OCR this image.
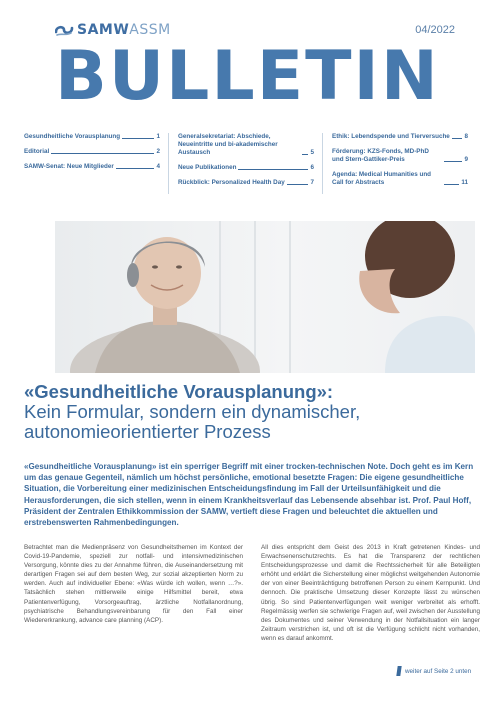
SAMWASSM	04/2022
BULLETIN
Gesundheitliche Vorausplanung	1
Editorial	2
SAMW-Senat: Neue Mitglieder	4
Generalsekretariat: Abschiede, Neueintritte und bi-akademischer Austausch	5
Neue Publikationen	6
Rückblick: Personalized Health Day	7
Ethik: Lebendspende und Tierversuche 8
Förderung: KZS-Fonds, MD-PhD und Stern-Gattiker-Preis	9
Agenda: Medical Humanities und Call for Abstracts	11
«Gesundheitliche Vorausplanung»:
Kein Formular, sondern ein dynamischer, autonomieorientierter Prozess
«Gesundheitliche Vorausplanung» ist ein sperriger Begriff mit einer trocken-technischen Note. Doch geht es im Kern um das genaue Gegenteil, nämlich um höchst persönliche, emotional besetzte Fragen: Die eigene gesundheitliche Situation, die Vorbereitung einer medizinischen Entscheidungsfindung im Fall der Urteilsunfähigkeit und die Herausforderungen, die sich stellen, wenn in einem Krankheitsverlauf das Lebensende absehbar ist. Prof. Paul Hoff, Präsident der Zentralen Ethikkommission der SAMW, vertieft diese Fragen und beleuchtet die aktuellen und erstrebenswerten Rahmenbedingungen.
Betrachtet man die Medienpräsenz von Gesundheitsthemen im Kontext der Covid-19-Pandemie, speziell zur notfall- und intensivmedizinischen Versorgung, könnte dies zu der Annahme führen, die Auseinandersetzung mit derartigen Fragen sei auf dem besten Weg, zur sozial akzeptierten Norm zu werden. Auch auf individueller Ebene: «Was würde ich wollen, wenn …?». Tatsächlich stehen mittlerweile einige Hilfsmittel bereit, etwa Patientenverfügung, Vorsorgeauftrag, ärztliche Notfallanordnung, psychiatrische Behandlungsvereinbarung für den Fall einer Wiedererkrankung, advance care planning (ACP).
All dies entspricht dem Geist des 2013 in Kraft getretenen Kindes- und Erwachsenenschutzrechts. Es hat die Transparenz der rechtlichen Entscheidungsprozesse und damit die Rechtssicherheit für alle Beteiligten erhöht und erklärt die Sicherstellung einer möglichst weitgehenden Autonomie der von einer Beeinträchtigung betroffenen Person zu einem Kernpunkt. Und dennoch. Die praktische Umsetzung dieser Konzepte lässt zu wünschen übrig. So sind Patientenverfügungen weit weniger verbreitet als erhofft. Regelmässig werfen sie schwierige Fragen auf, weil zwischen der Ausstellung des Dokumentes und seiner Verwendung in der Notfallsituation ein langer Zeitraum verstrichen ist, und oft ist die Verfügung schlicht nicht vorhanden, wenn es darauf ankommt.
weiter auf Seite 2 unten
